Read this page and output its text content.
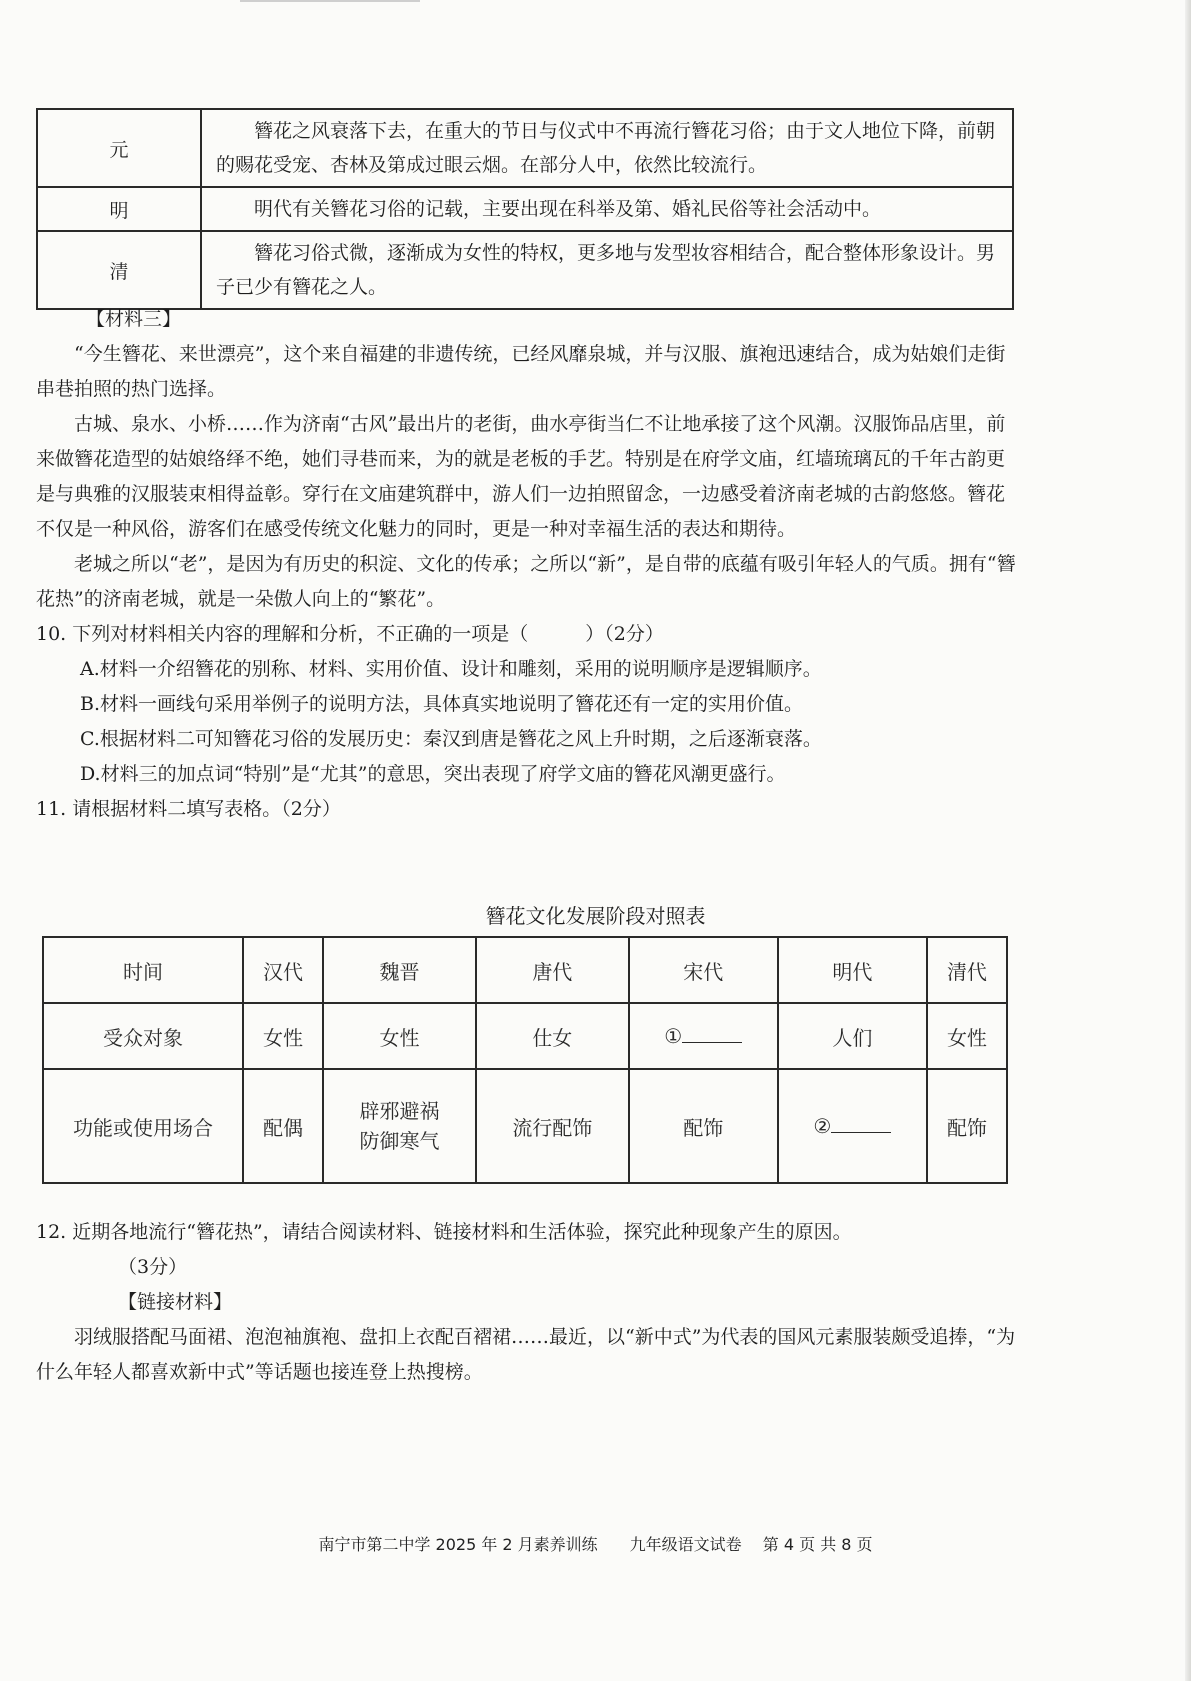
元	簪花之风衰落下去，在重大的节日与仪式中不再流行簪花习俗；由于文人地位下降，前朝的赐花受宠、杏林及第成过眼云烟。在部分人中，依然比较流行。
明	明代有关簪花习俗的记载，主要出现在科举及第、婚礼民俗等社会活动中。
清	簪花习俗式微，逐渐成为女性的特权，更多地与发型妆容相结合，配合整体形象设计。男子已少有簪花之人。

【材料三】

“今生簪花、来世漂亮”，这个来自福建的非遗传统，已经风靡泉城，并与汉服、旗袍迅速结合，成为姑娘们走街串巷拍照的热门选择。

古城、泉水、小桥……作为济南“古风”最出片的老街，曲水亭街当仁不让地承接了这个风潮。汉服饰品店里，前来做簪花造型的姑娘络绎不绝，她们寻巷而来，为的就是老板的手艺。特别是在府学文庙，红墙琉璃瓦的千年古韵更是与典雅的汉服装束相得益彰。穿行在文庙建筑群中，游人们一边拍照留念，一边感受着济南老城的古韵悠悠。簪花不仅是一种风俗，游客们在感受传统文化魅力的同时，更是一种对幸福生活的表达和期待。

老城之所以“老”，是因为有历史的积淀、文化的传承；之所以“新”，是自带的底蕴有吸引年轻人的气质。拥有“簪花热”的济南老城，就是一朵傲人向上的“繁花”。

10. 下列对材料相关内容的理解和分析，不正确的一项是（　　　）（2分）

A.材料一介绍簪花的别称、材料、实用价值、设计和雕刻，采用的说明顺序是逻辑顺序。

B.材料一画线句采用举例子的说明方法，具体真实地说明了簪花还有一定的实用价值。

C.根据材料二可知簪花习俗的发展历史：秦汉到唐是簪花之风上升时期，之后逐渐衰落。

D.材料三的加点词“特别”是“尤其”的意思，突出表现了府学文庙的簪花风潮更盛行。

11. 请根据材料二填写表格。（2分）

簪花文化发展阶段对照表
时间	汉代	魏晋	唐代	宋代	明代	清代
受众对象	女性	女性	仕女	①	人们	女性
功能或使用场合	配偶	辟邪避祸
防御寒气	流行配饰	配饰	②	配饰

12. 近期各地流行“簪花热”，请结合阅读材料、链接材料和生活体验，探究此种现象产生的原因。

（3分）

【链接材料】

羽绒服搭配马面裙、泡泡袖旗袍、盘扣上衣配百褶裙……最近，以“新中式”为代表的国风元素服装颇受追捧，“为什么年轻人都喜欢新中式”等话题也接连登上热搜榜。

南宁市第二中学 2025 年 2 月素养训练　　九年级语文试卷　 第 4 页 共 8 页
